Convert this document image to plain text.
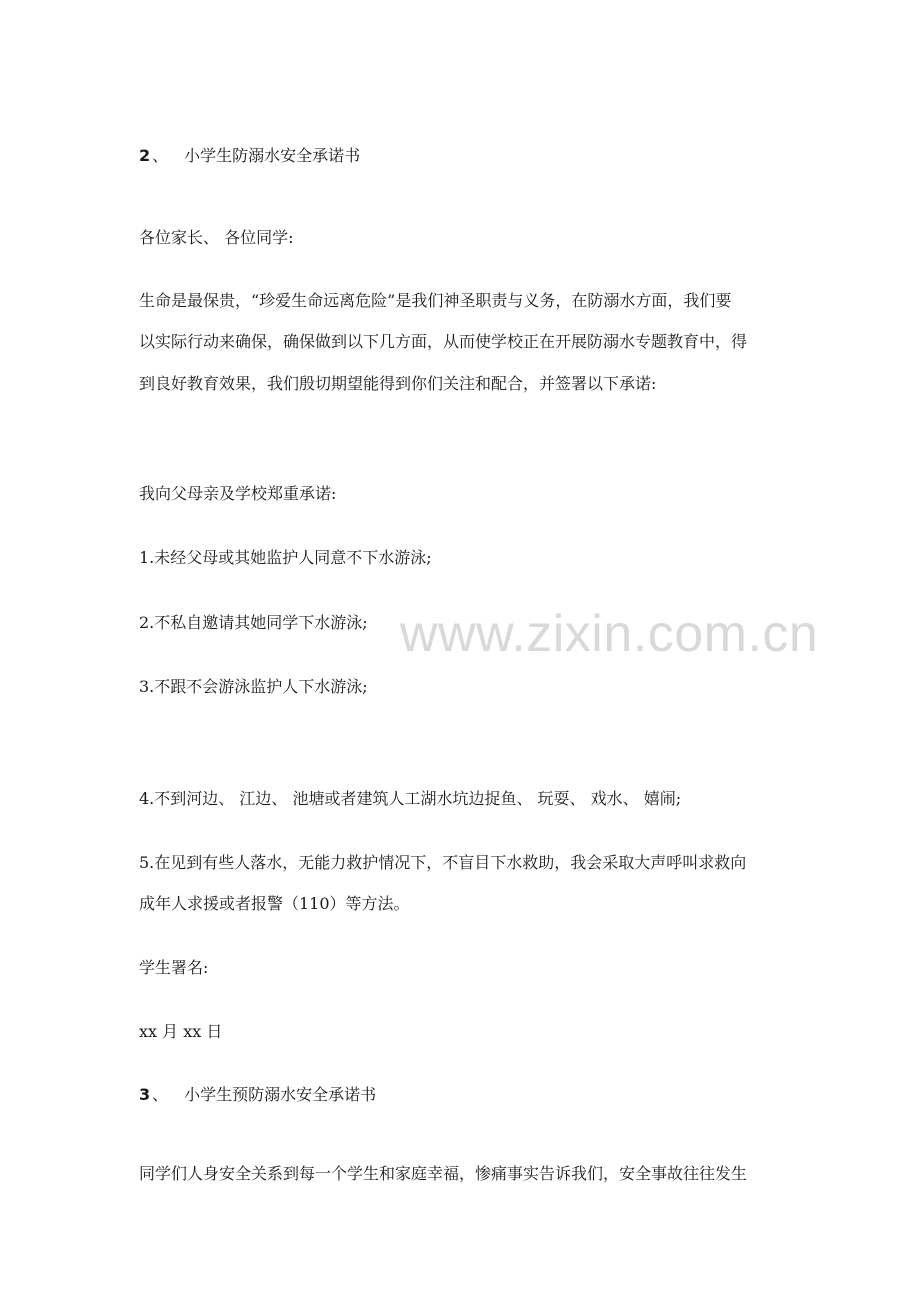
www.zixin.com.cn
2 、 小学生防溺水安全承诺书
各位家长、 各位同学:
生命是最保贵，“珍爱生命远离危险”是我们神圣职责与义务，在防溺水方面，我们要
以实际行动来确保，确保做到以下几方面，从而使学校正在开展防溺水专题教育中，得
到良好教育效果，我们殷切期望能得到你们关注和配合，并签署以下承诺:
我向父母亲及学校郑重承诺:
1.未经父母或其她监护人同意不下水游泳;
2.不私自邀请其她同学下水游泳;
3.不跟不会游泳监护人下水游泳;
4.不到河边、 江边、 池塘或者建筑人工湖水坑边捉鱼、 玩耍、 戏水、 嬉闹;
5.在见到有些人落水，无能力救护情况下，不盲目下水救助，我会采取大声呼叫求救向
成年人求援或者报警（110）等方法。
学生署名:
xx 月 xx 日
3 、 小学生预防溺水安全承诺书
同学们人身安全关系到每一个学生和家庭幸福，惨痛事实告诉我们，安全事故往往发生
